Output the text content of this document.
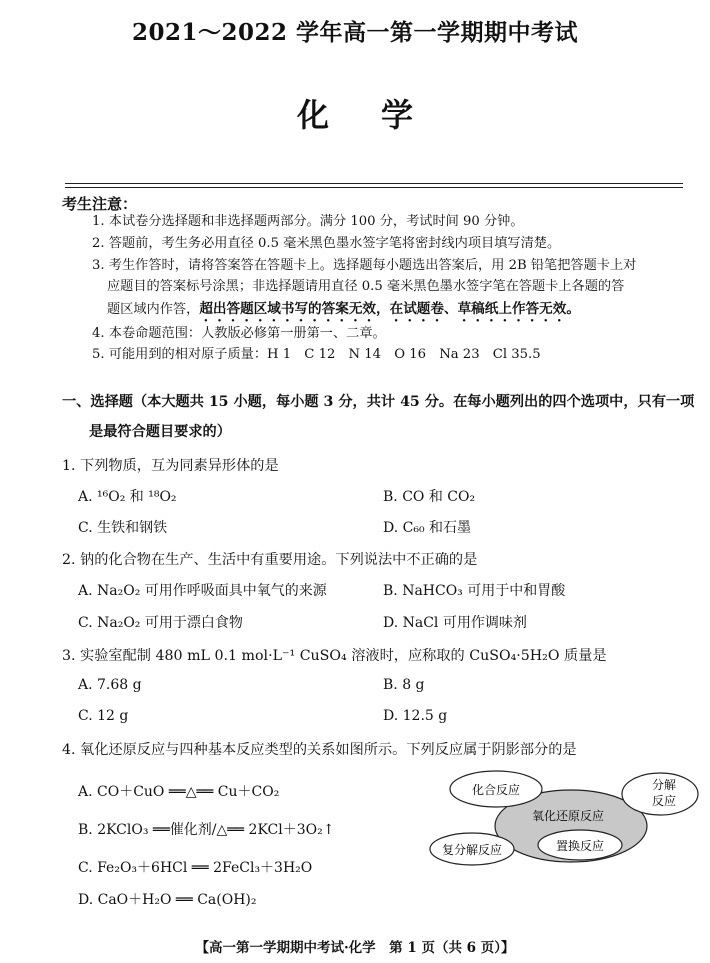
2021～2022 学年高一第一学期期中考试
化学
考生注意：
1. 本试卷分选择题和非选择题两部分。满分 100 分，考试时间 90 分钟。
2. 答题前，考生务必用直径 0.5 毫米黑色墨水签字笔将密封线内项目填写清楚。
3. 考生作答时，请将答案答在答题卡上。选择题每小题选出答案后，用 2B 铅笔把答题卡上对
应题目的答案标号涂黑；非选择题请用直径 0.5 毫米黑色墨水签字笔在答题卡上各题的答
题区域内作答，超出答题区域书写的答案无效，在试题卷、草稿纸上作答无效。
4. 本卷命题范围：人教版必修第一册第一、二章。
5. 可能用到的相对原子质量：H 1　C 12　N 14　O 16　Na 23　Cl 35.5
一、选择题（本大题共 15 小题，每小题 3 分，共计 45 分。在每小题列出的四个选项中，只有一项
是最符合题目要求的）
1. 下列物质，互为同素异形体的是
A. ¹⁶O₂ 和 ¹⁸O₂	B. CO 和 CO₂
C. 生铁和钢铁	D. C₆₀ 和石墨
2. 钠的化合物在生产、生活中有重要用途。下列说法中不正确的是
A. Na₂O₂ 可用作呼吸面具中氧气的来源	B. NaHCO₃ 可用于中和胃酸
C. Na₂O₂ 可用于漂白食物	D. NaCl 可用作调味剂
3. 实验室配制 480 mL 0.1 mol·L⁻¹ CuSO₄ 溶液时，应称取的 CuSO₄·5H₂O 质量是
A. 7.68 g	B. 8 g
C. 12 g	D. 12.5 g
4. 氧化还原反应与四种基本反应类型的关系如图所示。下列反应属于阴影部分的是
A. CO＋CuO ══△══ Cu＋CO₂
B. 2KClO₃ ══催化剂/△══ 2KCl＋3O₂↑
C. Fe₂O₃＋6HCl ══ 2FeCl₃＋3H₂O
D. CaO＋H₂O ══ Ca(OH)₂
化合反应	分解
反应
氧化还原反应
复分解反应	置换反应
【高一第一学期期中考试·化学　第 1 页（共 6 页）】
